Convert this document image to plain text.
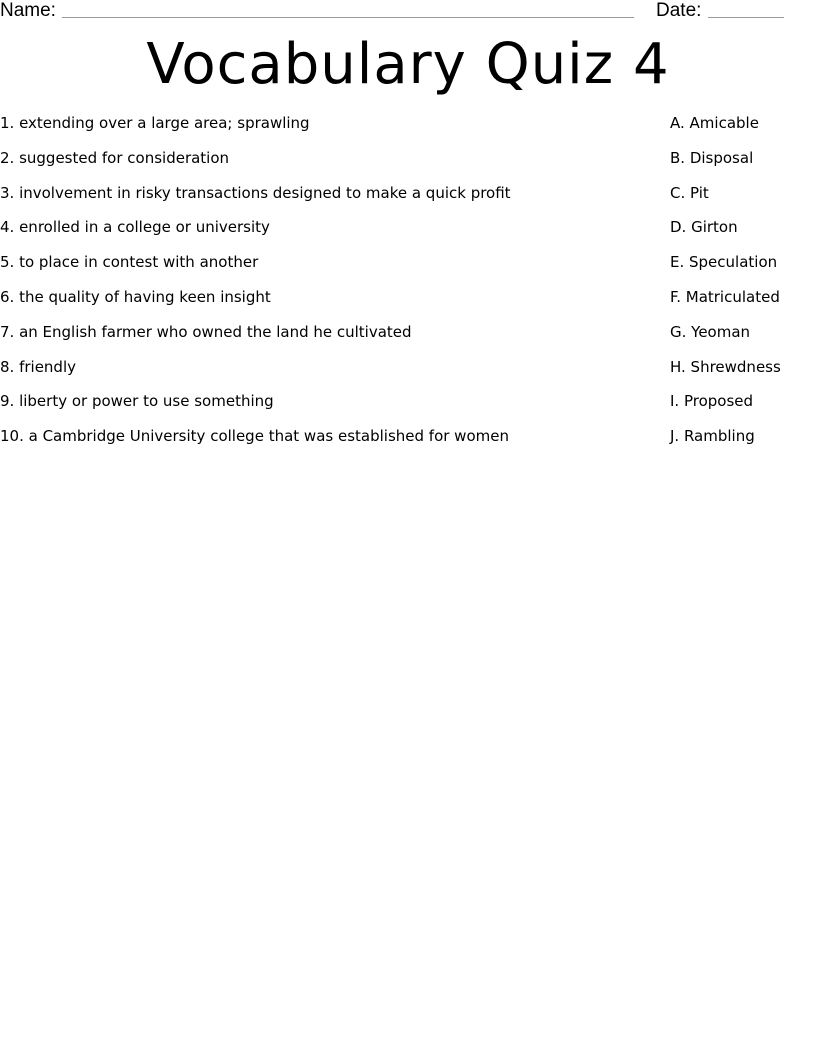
Name:	Date:
Vocabulary Quiz 4
1. extending over a large area; sprawling
2. suggested for consideration
3. involvement in risky transactions designed to make a quick profit
4. enrolled in a college or university
5. to place in contest with another
6. the quality of having keen insight
7. an English farmer who owned the land he cultivated
8. friendly
9. liberty or power to use something
10. a Cambridge University college that was established for women
A. Amicable
B. Disposal
C. Pit
D. Girton
E. Speculation
F. Matriculated
G. Yeoman
H. Shrewdness
I. Proposed
J. Rambling
